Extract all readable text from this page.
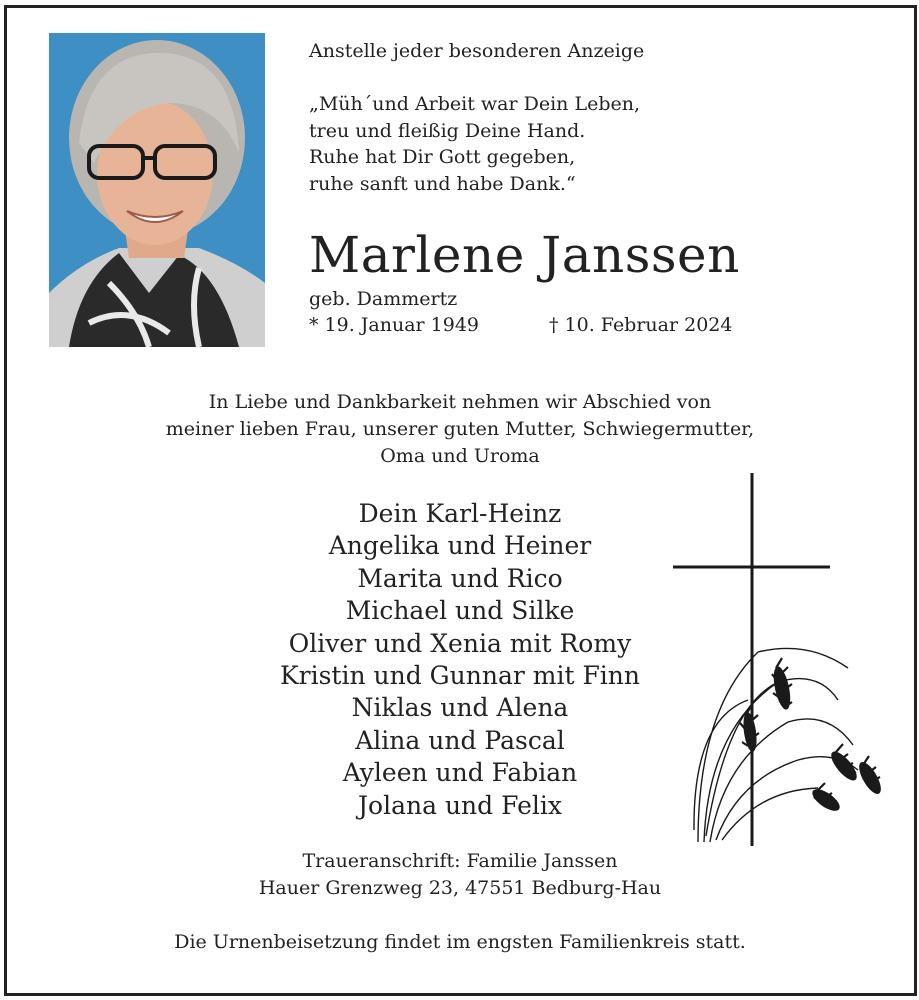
Anstelle jeder besonderen Anzeige
„Müh´und Arbeit war Dein Leben,
treu und fleißig Deine Hand.
Ruhe hat Dir Gott gegeben,
ruhe sanft und habe Dank.“
Marlene Janssen
geb. Dammertz
* 19. Januar 1949	† 10. Februar 2024
In Liebe und Dankbarkeit nehmen wir Abschied von
meiner lieben Frau, unserer guten Mutter, Schwiegermutter,
Oma und Uroma
Dein Karl-Heinz
Angelika und Heiner
Marita und Rico
Michael und Silke
Oliver und Xenia mit Romy
Kristin und Gunnar mit Finn
Niklas und Alena
Alina und Pascal
Ayleen und Fabian
Jolana und Felix
Traueranschrift: Familie Janssen
Hauer Grenzweg 23, 47551 Bedburg-Hau
Die Urnenbeisetzung findet im engsten Familienkreis statt.
